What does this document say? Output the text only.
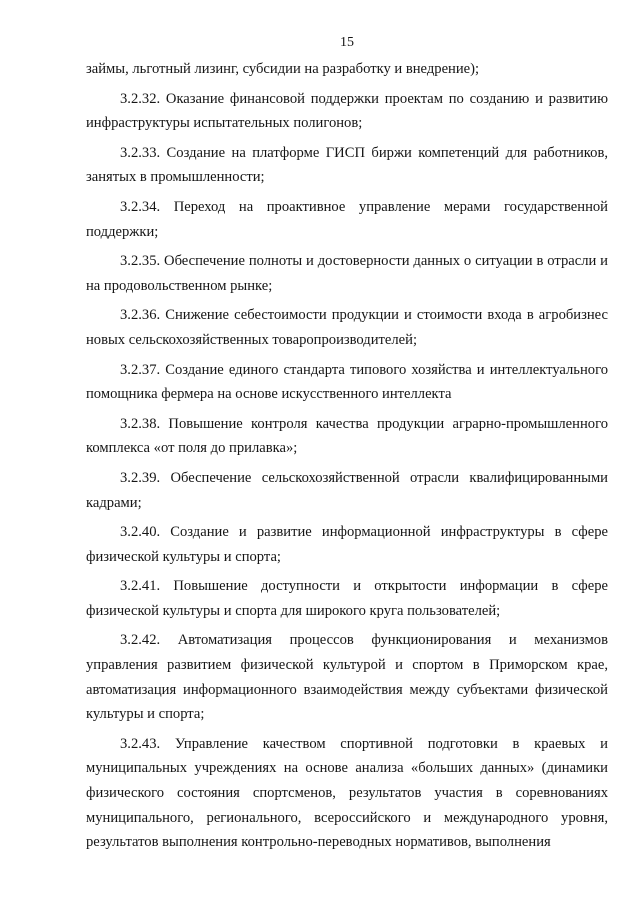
15

займы, льготный лизинг, субсидии на разработку и внедрение);

3.2.32. Оказание финансовой поддержки проектам по созданию и развитию инфраструктуры испытательных полигонов;

3.2.33. Создание на платформе ГИСП биржи компетенций для работников, занятых в промышленности;

3.2.34. Переход на проактивное управление мерами государственной поддержки;

3.2.35. Обеспечение полноты и достоверности данных о ситуации в отрасли и на продовольственном рынке;

3.2.36. Снижение себестоимости продукции и стоимости входа в агробизнес новых сельскохозяйственных товаропроизводителей;

3.2.37. Создание единого стандарта типового хозяйства и интеллектуального помощника фермера на основе искусственного интеллекта

3.2.38. Повышение контроля качества продукции аграрно-промышленного комплекса «от поля до прилавка»;

3.2.39. Обеспечение сельскохозяйственной отрасли квалифицированными кадрами;

3.2.40. Создание и развитие информационной инфраструктуры в сфере физической культуры и спорта;

3.2.41. Повышение доступности и открытости информации в сфере физической культуры и спорта для широкого круга пользователей;

3.2.42. Автоматизация процессов функционирования и механизмов управления развитием физической культурой и спортом в Приморском крае, автоматизация информационного взаимодействия между субъектами физической культуры и спорта;

3.2.43. Управление качеством спортивной подготовки в краевых и муниципальных учреждениях на основе анализа «больших данных» (динамики физического состояния спортсменов, результатов участия в соревнованиях муниципального, регионального, всероссийского и международного уровня, результатов выполнения контрольно-переводных нормативов, выполнения
